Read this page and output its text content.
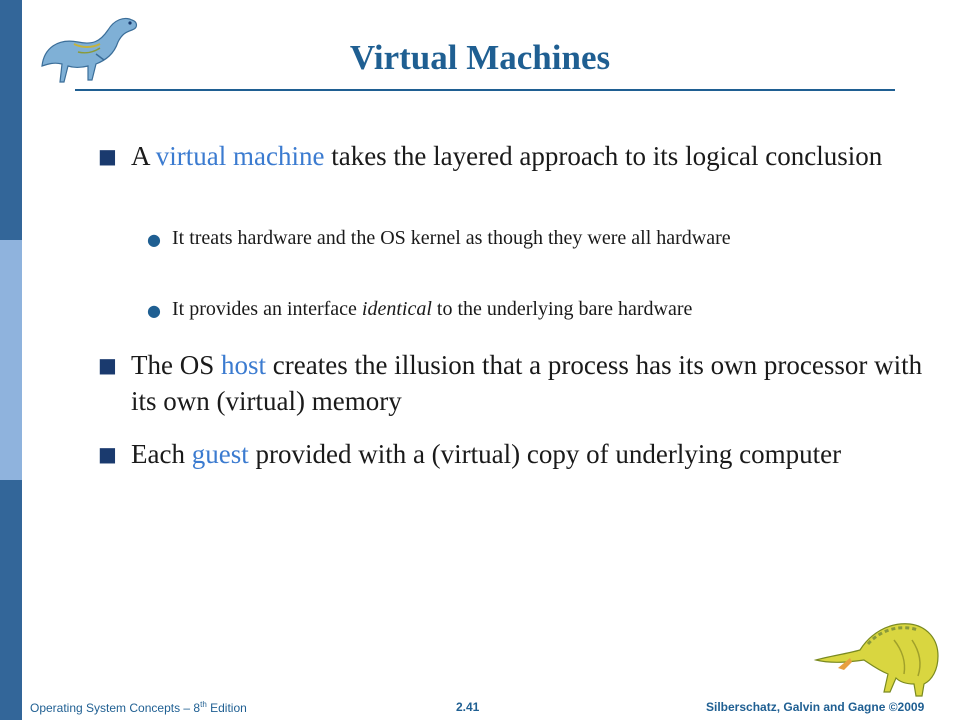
Virtual Machines
■ A virtual machine takes the layered approach to its logical conclusion
● It treats hardware and the OS kernel as though they were all hardware
● It provides an interface identical to the underlying bare hardware
■ The OS host creates the illusion that a process has its own processor with its own (virtual) memory
■ Each guest provided with a (virtual) copy of underlying computer
Operating System Concepts – 8th Edition	2.41	Silberschatz, Galvin and Gagne ©2009
